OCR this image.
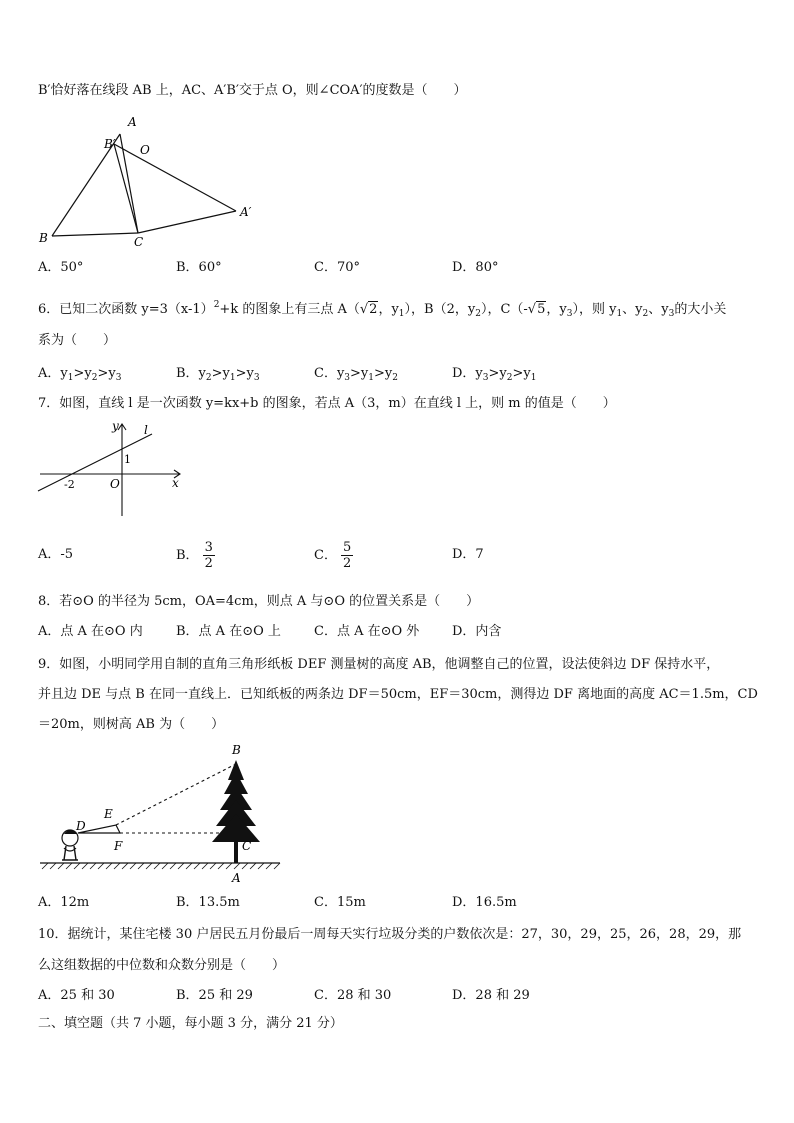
B′恰好落在线段 AB 上，AC、A′B′交于点 O，则∠COA′的度数是（　　）
A
B′ O
A′
B	C
A．50°	B．60°	C．70°	D．80°
6．已知二次函数 $y=3(x-1)^2+k$ 的图象上有三点 A（√2，$y_1$），B（2，$y_2$），C（-√5，$y_3$），则 $y_1$、$y_2$、$y_3$的大小关
系为（　　）
A．$y_1>y_2>y_3$	B．$y_2>y_1>y_3$	C．$y_3>y_1>y_2$	D．$y_3>y_2>y_1$
7．如图，直线 l 是一次函数 y=kx+b 的图象，若点 A（3，m）在直线 l 上，则 m 的值是（　　）
y l
1
-2	O	x
A．-5	B． $\frac{3}{2}$	C． $\frac{5}{2}$	D．7
8．若⊙O 的半径为 5cm，OA=4cm，则点 A 与⊙O 的位置关系是（　　）
A．点 A 在⊙O 内	B．点 A 在⊙O 上	C．点 A 在⊙O 外	D．内含
9．如图，小明同学用自制的直角三角形纸板 DEF 测量树的高度 AB，他调整自己的位置，设法使斜边 DF 保持水平，
并且边 DE 与点 B 在同一直线上．已知纸板的两条边 DF＝50cm，EF＝30cm，测得边 DF 离地面的高度 AC＝1.5m，CD
＝20m，则树高 AB 为（　　）
B
E
D
F	C
A
A．12m	B．13.5m	C．15m	D．16.5m
10．据统计，某住宅楼 30 户居民五月份最后一周每天实行垃圾分类的户数依次是：27，30，29，25，26，28，29，那
么这组数据的中位数和众数分别是（　　）
A．25 和 30	B．25 和 29	C．28 和 30	D．28 和 29
二、填空题（共 7 小题，每小题 3 分，满分 21 分）
